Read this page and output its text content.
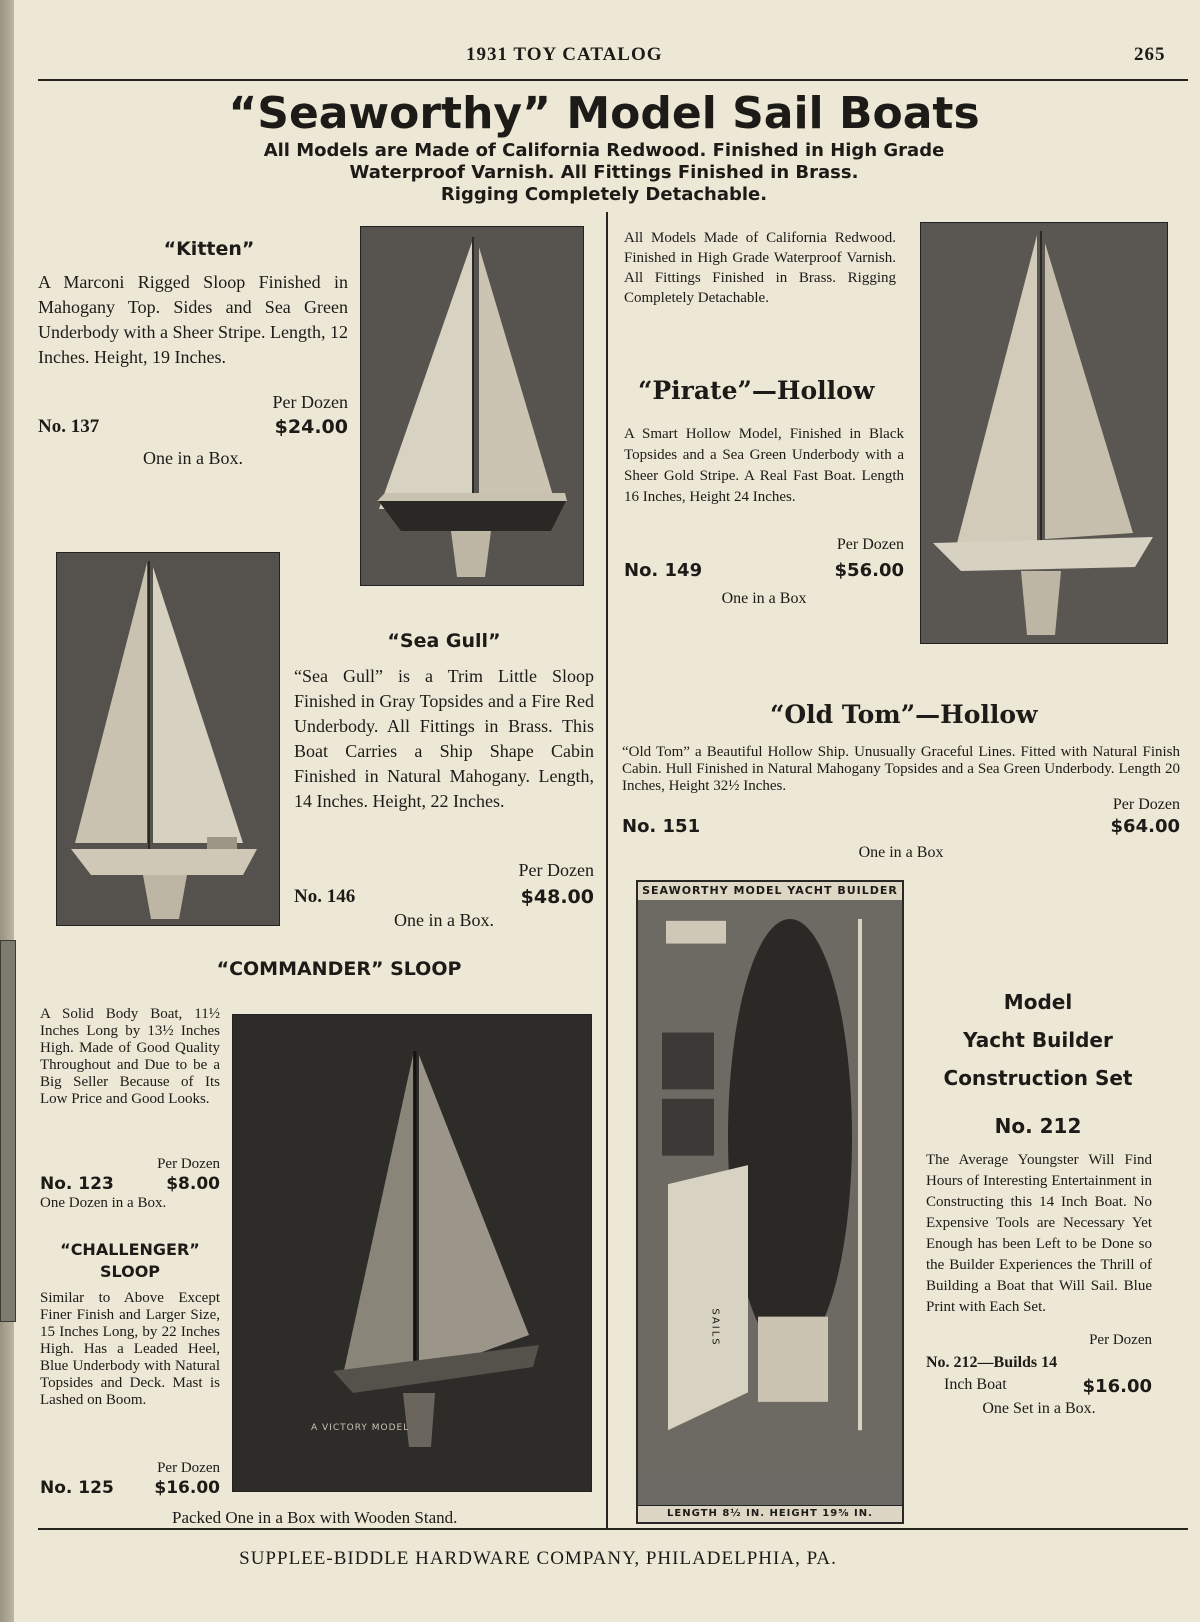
1931 TOY CATALOG	265
“Seaworthy” Model Sail Boats
All Models are Made of California Redwood. Finished in High Grade
Waterproof Varnish. All Fittings Finished in Brass.
Rigging Completely Detachable.
“Kitten”
A Marconi Rigged Sloop Finished in Mahogany Top. Sides and Sea Green Underbody with a Sheer Stripe. Length, 12 Inches. Height, 19 Inches.
Per Dozen
No. 137	$24.00
One in a Box.
“Sea Gull”
“Sea Gull” is a Trim Little Sloop Finished in Gray Topsides and a Fire Red Underbody. All Fittings in Brass. This Boat Carries a Ship Shape Cabin Finished in Natural Mahogany. Length, 14 Inches. Height, 22 Inches.
Per Dozen
No. 146	$48.00
One in a Box.
“COMMANDER” SLOOP
A Solid Body Boat, 11½ Inches Long by 13½ Inches High. Made of Good Quality Throughout and Due to be a Big Seller Because of Its Low Price and Good Looks.
Per Dozen
No. 123	$8.00
One Dozen in a Box.
“CHALLENGER”
SLOOP
Similar to Above Except Finer Finish and Larger Size, 15 Inches Long, by 22 Inches High. Has a Leaded Heel, Blue Underbody with Natural Topsides and Deck. Mast is Lashed on Boom.
Per Dozen
No. 125 $16.00
A VICTORY MODEL
Packed One in a Box with Wooden Stand.
All Models Made of California Redwood. Finished in High Grade Waterproof Varnish. All Fittings Finished in Brass. Rigging Completely Detachable.
“Pirate”—Hollow
A Smart Hollow Model, Finished in Black Topsides and a Sea Green Underbody with a Sheer Gold Stripe. A Real Fast Boat. Length 16 Inches, Height 24 Inches.
Per Dozen
No. 149	$56.00
One in a Box
“Old Tom”—Hollow
“Old Tom” a Beautiful Hollow Ship. Unusually Graceful Lines. Fitted with Natural Finish Cabin. Hull Finished in Natural Mahogany Topsides and a Sea Green Underbody. Length 20 Inches, Height 32½ Inches.
Per Dozen
No. 151	$64.00
One in a Box
SEAWORTHY MODEL YACHT BUILDER
SAILS
LENGTH 8½ IN. HEIGHT 19⅝ IN.
Model
Yacht Builder
Construction Set
No. 212
The Average Youngster Will Find Hours of Interesting Entertainment in Constructing this 14 Inch Boat. No Expensive Tools are Necessary Yet Enough has been Left to be Done so the Builder Experiences the Thrill of Building a Boat that Will Sail. Blue Print with Each Set.
Per Dozen
No. 212—Builds 14
Inch Boat	$16.00
One Set in a Box.
SUPPLEE-BIDDLE HARDWARE COMPANY, PHILADELPHIA, PA.
